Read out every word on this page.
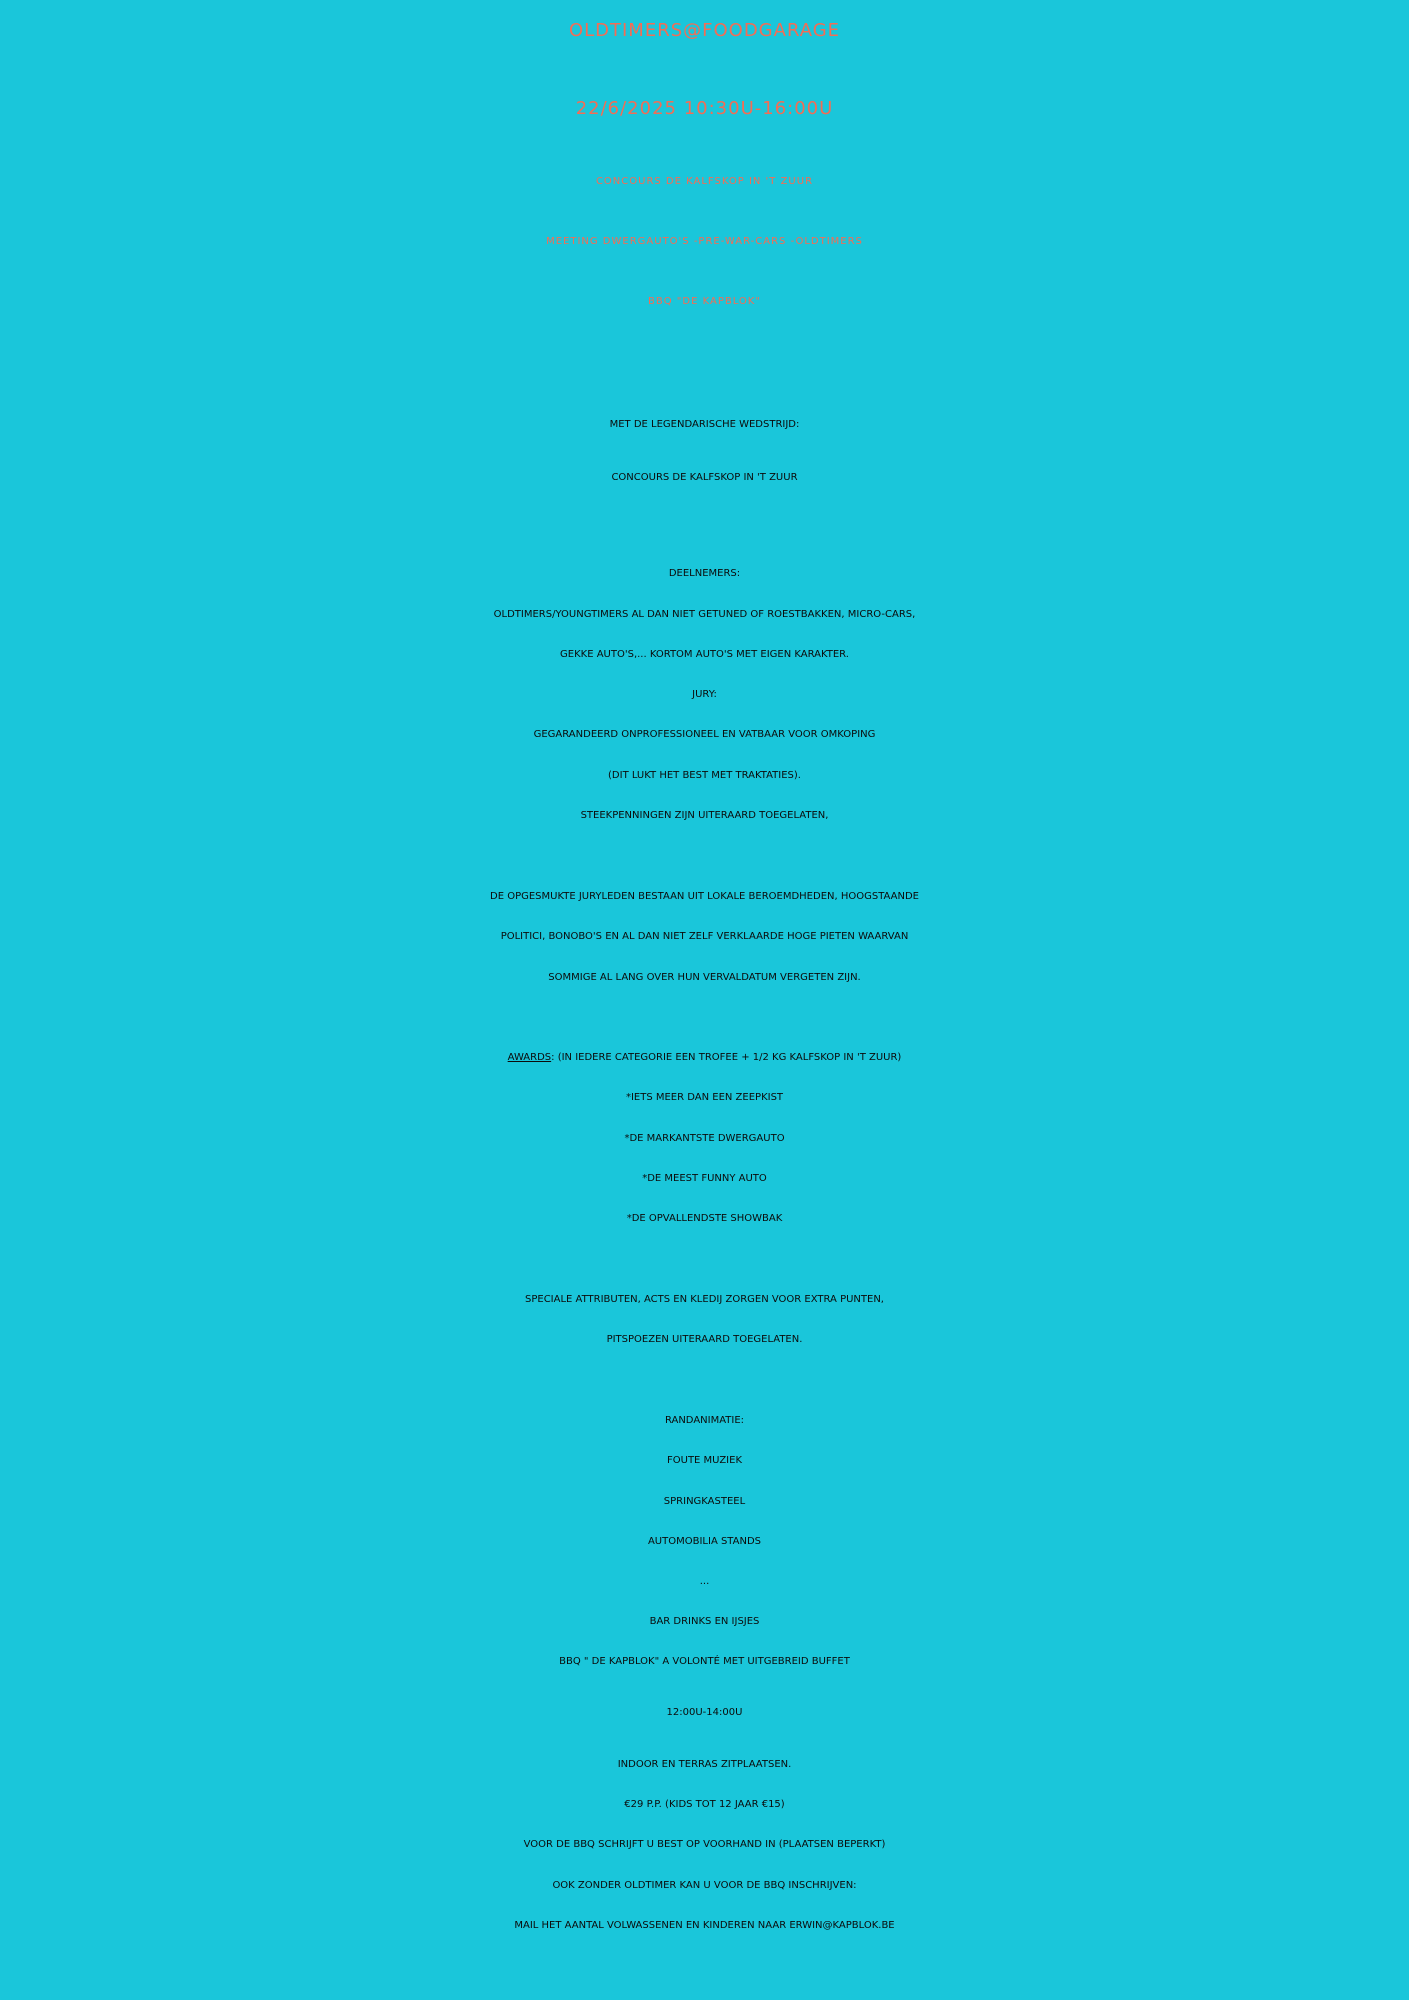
OLDTIMERS@FOODGARAGE
22/6/2025 10:30U-16:00U
CONCOURS DE KALFSKOP IN 'T ZUUR
MEETING DWERGAUTO'S -PRE-WAR-CARS -OLDTIMERS
BBQ "DE KAPBLOK"
MET DE LEGENDARISCHE WEDSTRIJD:
CONCOURS DE KALFSKOP IN 'T ZUUR
DEELNEMERS:
OLDTIMERS/YOUNGTIMERS AL DAN NIET GETUNED OF ROESTBAKKEN, MICRO-CARS,
GEKKE AUTO'S,... KORTOM AUTO'S MET EIGEN KARAKTER.
JURY:
GEGARANDEERD ONPROFESSIONEEL EN VATBAAR VOOR OMKOPING
(DIT LUKT HET BEST MET TRAKTATIES).
STEEKPENNINGEN ZIJN UITERAARD TOEGELATEN,
DE OPGESMUKTE JURYLEDEN BESTAAN UIT LOKALE BEROEMDHEDEN, HOOGSTAANDE
POLITICI, BONOBO'S EN AL DAN NIET ZELF VERKLAARDE HOGE PIETEN WAARVAN
SOMMIGE AL LANG OVER HUN VERVALDATUM VERGETEN ZIJN.
AWARDS: (IN IEDERE CATEGORIE EEN TROFEE + 1/2 KG KALFSKOP IN 'T ZUUR)
*IETS MEER DAN EEN ZEEPKIST
*DE MARKANTSTE DWERGAUTO
*DE MEEST FUNNY AUTO
*DE OPVALLENDSTE SHOWBAK
SPECIALE ATTRIBUTEN, ACTS EN KLEDIJ ZORGEN VOOR EXTRA PUNTEN,
PITSPOEZEN UITERAARD TOEGELATEN.
RANDANIMATIE:
FOUTE MUZIEK
SPRINGKASTEEL
AUTOMOBILIA STANDS
...
BAR DRINKS EN IJSJES
BBQ " DE KAPBLOK" A VOLONTÉ MET UITGEBREID BUFFET
12:00U-14:00U
INDOOR EN TERRAS ZITPLAATSEN.
€29 P.P. (KIDS TOT 12 JAAR €15)
VOOR DE BBQ SCHRIJFT U BEST OP VOORHAND IN (PLAATSEN BEPERKT)
OOK ZONDER OLDTIMER KAN U VOOR DE BBQ INSCHRIJVEN:
MAIL HET AANTAL VOLWASSENEN EN KINDEREN NAAR ERWIN@KAPBLOK.BE
